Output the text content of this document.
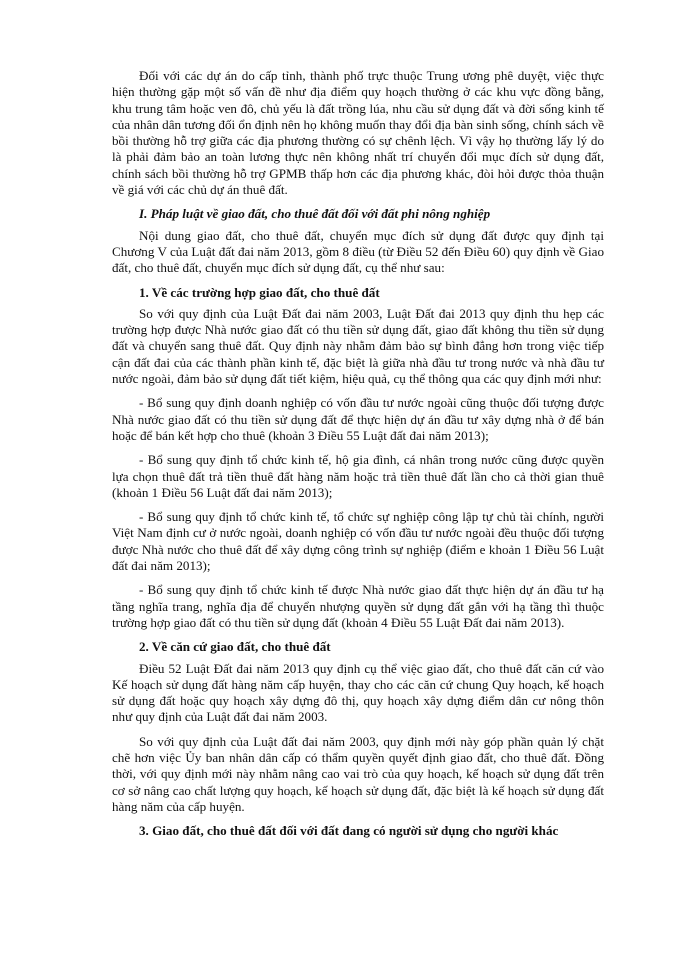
Đối với các dự án do cấp tỉnh, thành phố trực thuộc Trung ương phê duyệt, việc thực hiện thường gặp một số vấn đề như địa điểm quy hoạch thường ở các khu vực đồng bằng, khu trung tâm hoặc ven đô, chủ yếu là đất trồng lúa, nhu cầu sử dụng đất và đời sống kinh tế của nhân dân tương đối ổn định nên họ không muốn thay đổi địa bàn sinh sống, chính sách về bồi thường hỗ trợ giữa các địa phương thường có sự chênh lệch. Vì vậy họ thường lấy lý do là phải đảm bảo an toàn lương thực nên không nhất trí chuyển đổi mục đích sử dụng đất, chính sách bồi thường hỗ trợ GPMB thấp hơn các địa phương khác, đòi hỏi được thỏa thuận về giá với các chủ dự án thuê đất.

I. Pháp luật về giao đất, cho thuê đất đối với đất phi nông nghiệp

Nội dung giao đất, cho thuê đất, chuyển mục đích sử dụng đất được quy định tại Chương V của Luật đất đai năm 2013, gồm 8 điều (từ Điều 52 đến Điều 60) quy định về Giao đất, cho thuê đất, chuyển mục đích sử dụng đất, cụ thể như sau:

1. Về các trường hợp giao đất, cho thuê đất

So với quy định của Luật Đất đai năm 2003, Luật Đất đai 2013 quy định thu hẹp các trường hợp được Nhà nước giao đất có thu tiền sử dụng đất, giao đất không thu tiền sử dụng đất và chuyển sang thuê đất. Quy định này nhằm đảm bảo sự bình đẳng hơn trong việc tiếp cận đất đai của các thành phần kinh tế, đặc biệt là giữa nhà đầu tư trong nước và nhà đầu tư nước ngoài, đảm bảo sử dụng đất tiết kiệm, hiệu quả, cụ thể thông qua các quy định mới như:

- Bổ sung quy định doanh nghiệp có vốn đầu tư nước ngoài cũng thuộc đối tượng được Nhà nước giao đất có thu tiền sử dụng đất để thực hiện dự án đầu tư xây dựng nhà ở để bán hoặc để bán kết hợp cho thuê (khoản 3 Điều 55 Luật đất đai năm 2013);

- Bổ sung quy định tổ chức kinh tế, hộ gia đình, cá nhân trong nước cũng được quyền lựa chọn thuê đất trả tiền thuê đất hàng năm hoặc trả tiền thuê đất lần cho cả thời gian thuê (khoản 1 Điều 56 Luật đất đai năm 2013);

- Bổ sung quy định tổ chức kinh tế, tổ chức sự nghiệp công lập tự chủ tài chính, người Việt Nam định cư ở nước ngoài, doanh nghiệp có vốn đầu tư nước ngoài đều thuộc đối tượng được Nhà nước cho thuê đất để xây dựng công trình sự nghiệp (điểm e khoản 1 Điều 56 Luật đất đai năm 2013);

- Bổ sung quy định tổ chức kinh tế được Nhà nước giao đất thực hiện dự án đầu tư hạ tầng nghĩa trang, nghĩa địa để chuyển nhượng quyền sử dụng đất gắn với hạ tầng thì thuộc trường hợp giao đất có thu tiền sử dụng đất (khoản 4 Điều 55 Luật Đất đai năm 2013).

2. Về căn cứ giao đất, cho thuê đất

Điều 52 Luật Đất đai năm 2013 quy định cụ thể việc giao đất, cho thuê đất căn cứ vào Kế hoạch sử dụng đất hàng năm cấp huyện, thay cho các căn cứ chung Quy hoạch, kế hoạch sử dụng đất hoặc quy hoạch xây dựng đô thị, quy hoạch xây dựng điểm dân cư nông thôn như quy định của Luật đất đai năm 2003.

So với quy định của Luật đất đai năm 2003, quy định mới này góp phần quản lý chặt chẽ hơn việc Ủy ban nhân dân cấp có thẩm quyền quyết định giao đất, cho thuê đất. Đồng thời, với quy định mới này nhằm nâng cao vai trò của quy hoạch, kế hoạch sử dụng đất trên cơ sở nâng cao chất lượng quy hoạch, kế hoạch sử dụng đất, đặc biệt là kế hoạch sử dụng đất hàng năm của cấp huyện.

3. Giao đất, cho thuê đất đối với đất đang có người sử dụng cho người khác
